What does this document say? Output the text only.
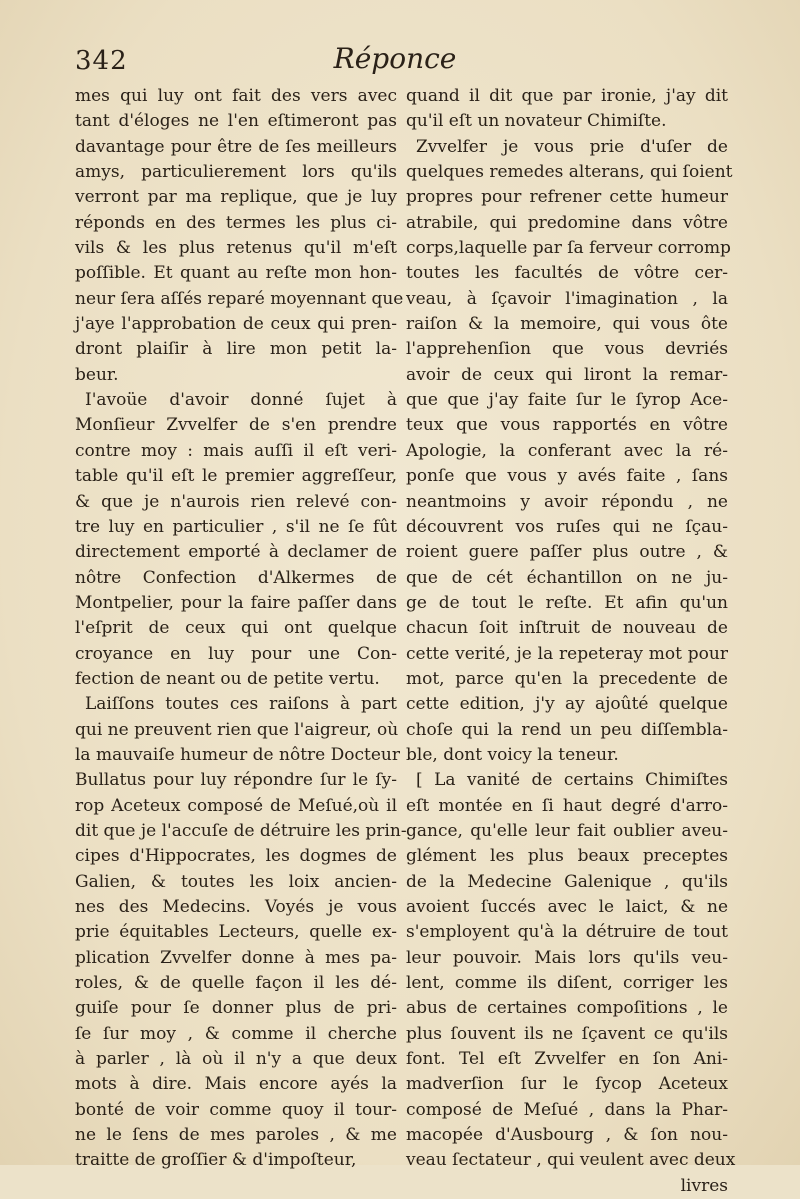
342	Réponce
mes qui luy ont fait des vers avec
tant d'éloges ne l'en eſtimeront pas
davantage pour être de ſes meilleurs
amys, particulierement lors qu'ils
verront par ma replique, que je luy
réponds en des termes les plus ci-
vils & les plus retenus qu'il m'eſt
poſſible. Et quant au reſte mon hon-
neur ſera aſſés reparé moyennant que
j'aye l'approbation de ceux qui pren-
dront plaiſir à lire mon petit la-
beur.
I'avoüe d'avoir donné ſujet à
Monſieur Zvvelfer de s'en prendre
contre moy : mais auſſi il eſt veri-
table qu'il eſt le premier aggreſſeur,
& que je n'aurois rien relevé con-
tre luy en particulier , s'il ne ſe fût
directement emporté à declamer de
nôtre Confection d'Alkermes de
Montpelier, pour la faire paſſer dans
l'eſprit de ceux qui ont quelque
croyance en luy pour une Con-
fection de neant ou de petite vertu.
Laiſſons toutes ces raiſons à part
qui ne preuvent rien que l'aigreur, où
la mauvaiſe humeur de nôtre Docteur
Bullatus pour luy répondre ſur le ſy-
rop Aceteux composé de Meſué,où il
dit que je l'accuſe de détruire les prin-
cipes d'Hippocrates, les dogmes de
Galien, & toutes les loix ancien-
nes des Medecins. Voyés je vous
prie équitables Lecteurs, quelle ex-
plication Zvvelfer donne à mes pa-
roles, & de quelle façon il les dé-
guiſe pour ſe donner plus de pri-
ſe ſur moy , & comme il cherche
à parler , là où il n'y a que deux
mots à dire. Mais encore ayés la
bonté de voir comme quoy il tour-
ne le ſens de mes paroles , & me
traitte de groſſier & d'impoſteur,
quand il dit que par ironie, j'ay dit
qu'il eſt un novateur Chimiſte.
Zvvelfer je vous prie d'uſer de
quelques remedes alterans, qui ſoient
propres pour refrener cette humeur
atrabile, qui predomine dans vôtre
corps,laquelle par ſa ferveur corromp
toutes les facultés de vôtre cer-
veau, à ſçavoir l'imagination , la
raiſon & la memoire, qui vous ôte
l'apprehenſion que vous devriés
avoir de ceux qui liront la remar-
que que j'ay faite ſur le ſyrop Ace-
teux que vous rapportés en vôtre
Apologie, la conferant avec la ré-
ponſe que vous y avés faite , ſans
neantmoins y avoir répondu , ne
découvrent vos ruſes qui ne ſçau-
roient guere paſſer plus outre , &
que de cét échantillon on ne ju-
ge de tout le reſte. Et afin qu'un
chacun ſoit inſtruit de nouveau de
cette verité, je la repeteray mot pour
mot, parce qu'en la precedente de
cette edition, j'y ay ajoûté quelque
choſe qui la rend un peu diſſembla-
ble, dont voicy la teneur.
[ La vanité de certains Chimiſtes
eſt montée en ſi haut degré d'arro-
gance, qu'elle leur fait oublier aveu-
glément les plus beaux preceptes
de la Medecine Galenique , qu'ils
avoient ſuccés avec le laict, & ne
s'employent qu'à la détruire de tout
leur pouvoir. Mais lors qu'ils veu-
lent, comme ils diſent, corriger les
abus de certaines compoſitions , le
plus ſouvent ils ne ſçavent ce qu'ils
font. Tel eſt Zvvelfer en ſon Ani-
madverſion ſur le ſycop Aceteux
composé de Meſué , dans la Phar-
macopée d'Ausbourg , & ſon nou-
veau ſectateur , qui veulent avec deux
livres
